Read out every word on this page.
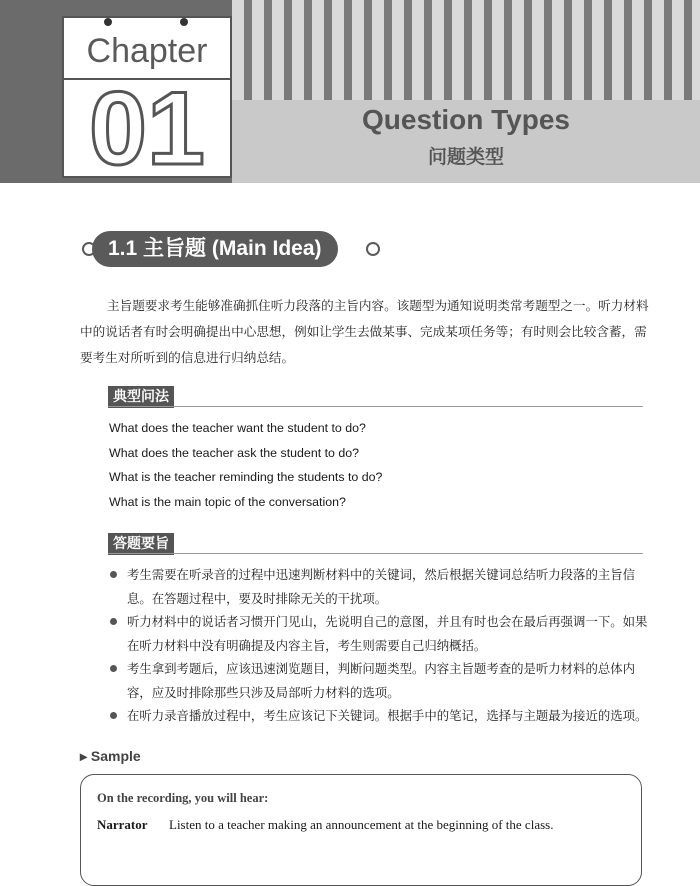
Chapter
01	Question Types
问题类型
1.1 主旨题 (Main Idea)

主旨题要求考生能够准确抓住听力段落的主旨内容。该题型为通知说明类常考题型之一。听力材料中的说话者有时会明确提出中心思想，例如让学生去做某事、完成某项任务等；有时则会比较含蓄，需要考生对所听到的信息进行归纳总结。

典型问法
What does the teacher want the student to do?
What does the teacher ask the student to do?
What is the teacher reminding the students to do?
What is the main topic of the conversation?
答题要旨
考生需要在听录音的过程中迅速判断材料中的关键词，然后根据关键词总结听力段落的主旨信息。在答题过程中，要及时排除无关的干扰项。
听力材料中的说话者习惯开门见山，先说明自己的意图，并且有时也会在最后再强调一下。如果在听力材料中没有明确提及内容主旨，考生则需要自己归纳概括。
考生拿到考题后，应该迅速浏览题目，判断问题类型。内容主旨题考查的是听力材料的总体内容，应及时排除那些只涉及局部听力材料的选项。
在听力录音播放过程中，考生应该记下关键词。根据手中的笔记，选择与主题最为接近的选项。
▸ Sample
On the recording, you will hear:
Narrator Listen to a teacher making an announcement at the beginning of the class.
